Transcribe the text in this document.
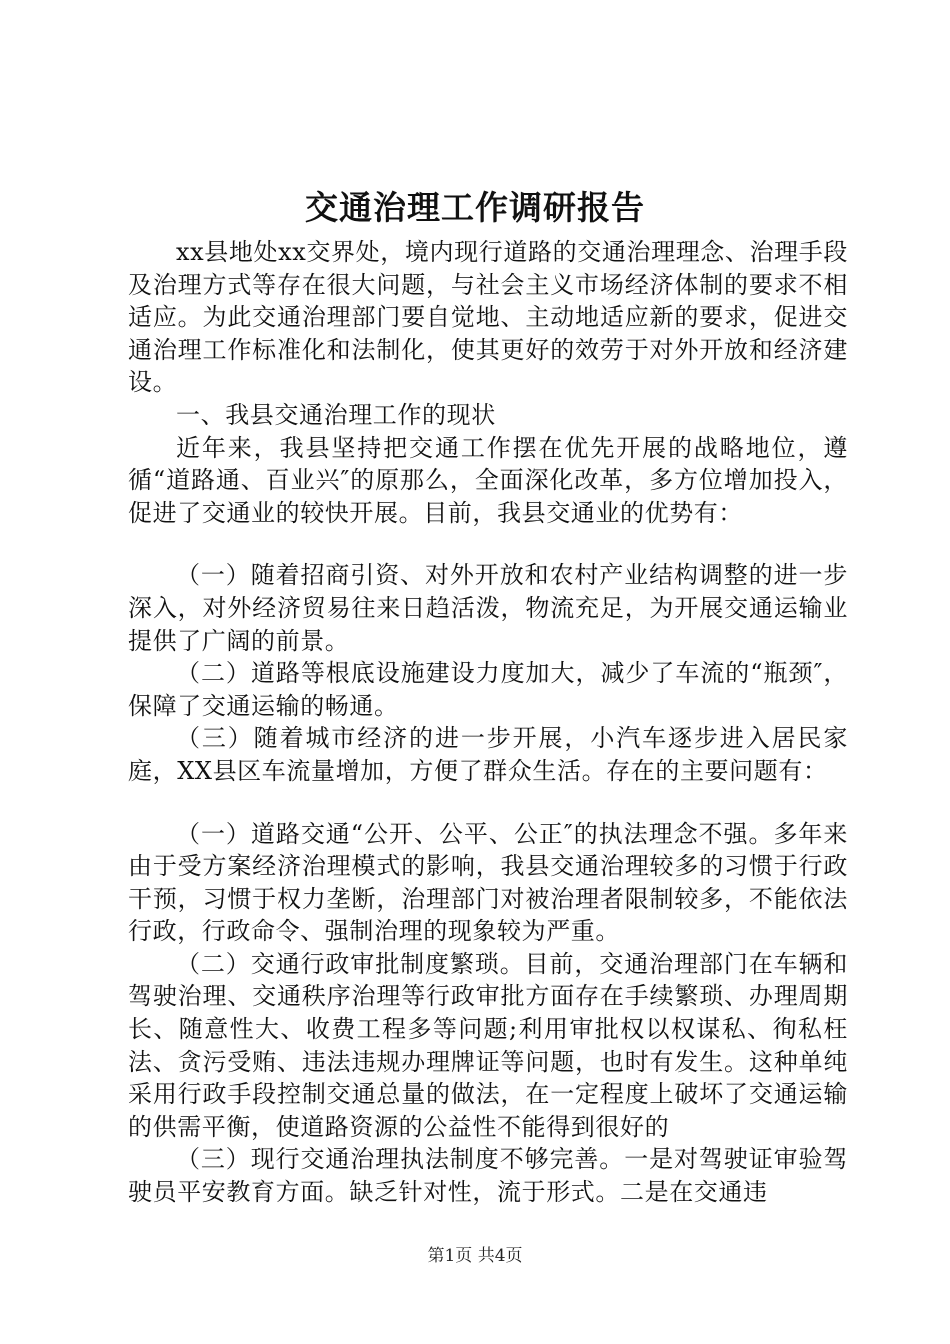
交通治理工作调研报告

xx县地处xx交界处，境内现行道路的交通治理理念、治理手段及治理方式等存在很大问题，与社会主义市场经济体制的要求不相适应。为此交通治理部门要自觉地、主动地适应新的要求，促进交通治理工作标准化和法制化，使其更好的效劳于对外开放和经济建设。

一、我县交通治理工作的现状

近年来，我县坚持把交通工作摆在优先开展的战略地位，遵循“道路通、百业兴″的原那么，全面深化改革，多方位增加投入，促进了交通业的较快开展。目前，我县交通业的优势有：

（一）随着招商引资、对外开放和农村产业结构调整的进一步深入，对外经济贸易往来日趋活泼，物流充足，为开展交通运输业提供了广阔的前景。

（二）道路等根底设施建设力度加大，减少了车流的“瓶颈″，保障了交通运输的畅通。

（三）随着城市经济的进一步开展，小汽车逐步进入居民家庭，XX县区车流量增加，方便了群众生活。存在的主要问题有：

（一）道路交通“公开、公平、公正″的执法理念不强。多年来由于受方案经济治理模式的影响，我县交通治理较多的习惯于行政干预，习惯于权力垄断，治理部门对被治理者限制较多，不能依法行政，行政命令、强制治理的现象较为严重。

（二）交通行政审批制度繁琐。目前，交通治理部门在车辆和驾驶治理、交通秩序治理等行政审批方面存在手续繁琐、办理周期长、随意性大、收费工程多等问题;利用审批权以权谋私、徇私枉法、贪污受贿、违法违规办理牌证等问题，也时有发生。这种单纯采用行政手段控制交通总量的做法，在一定程度上破坏了交通运输的供需平衡，使道路资源的公益性不能得到很好的

（三）现行交通治理执法制度不够完善。一是对驾驶证审验驾驶员平安教育方面。缺乏针对性，流于形式。二是在交通违

第1页 共4页
